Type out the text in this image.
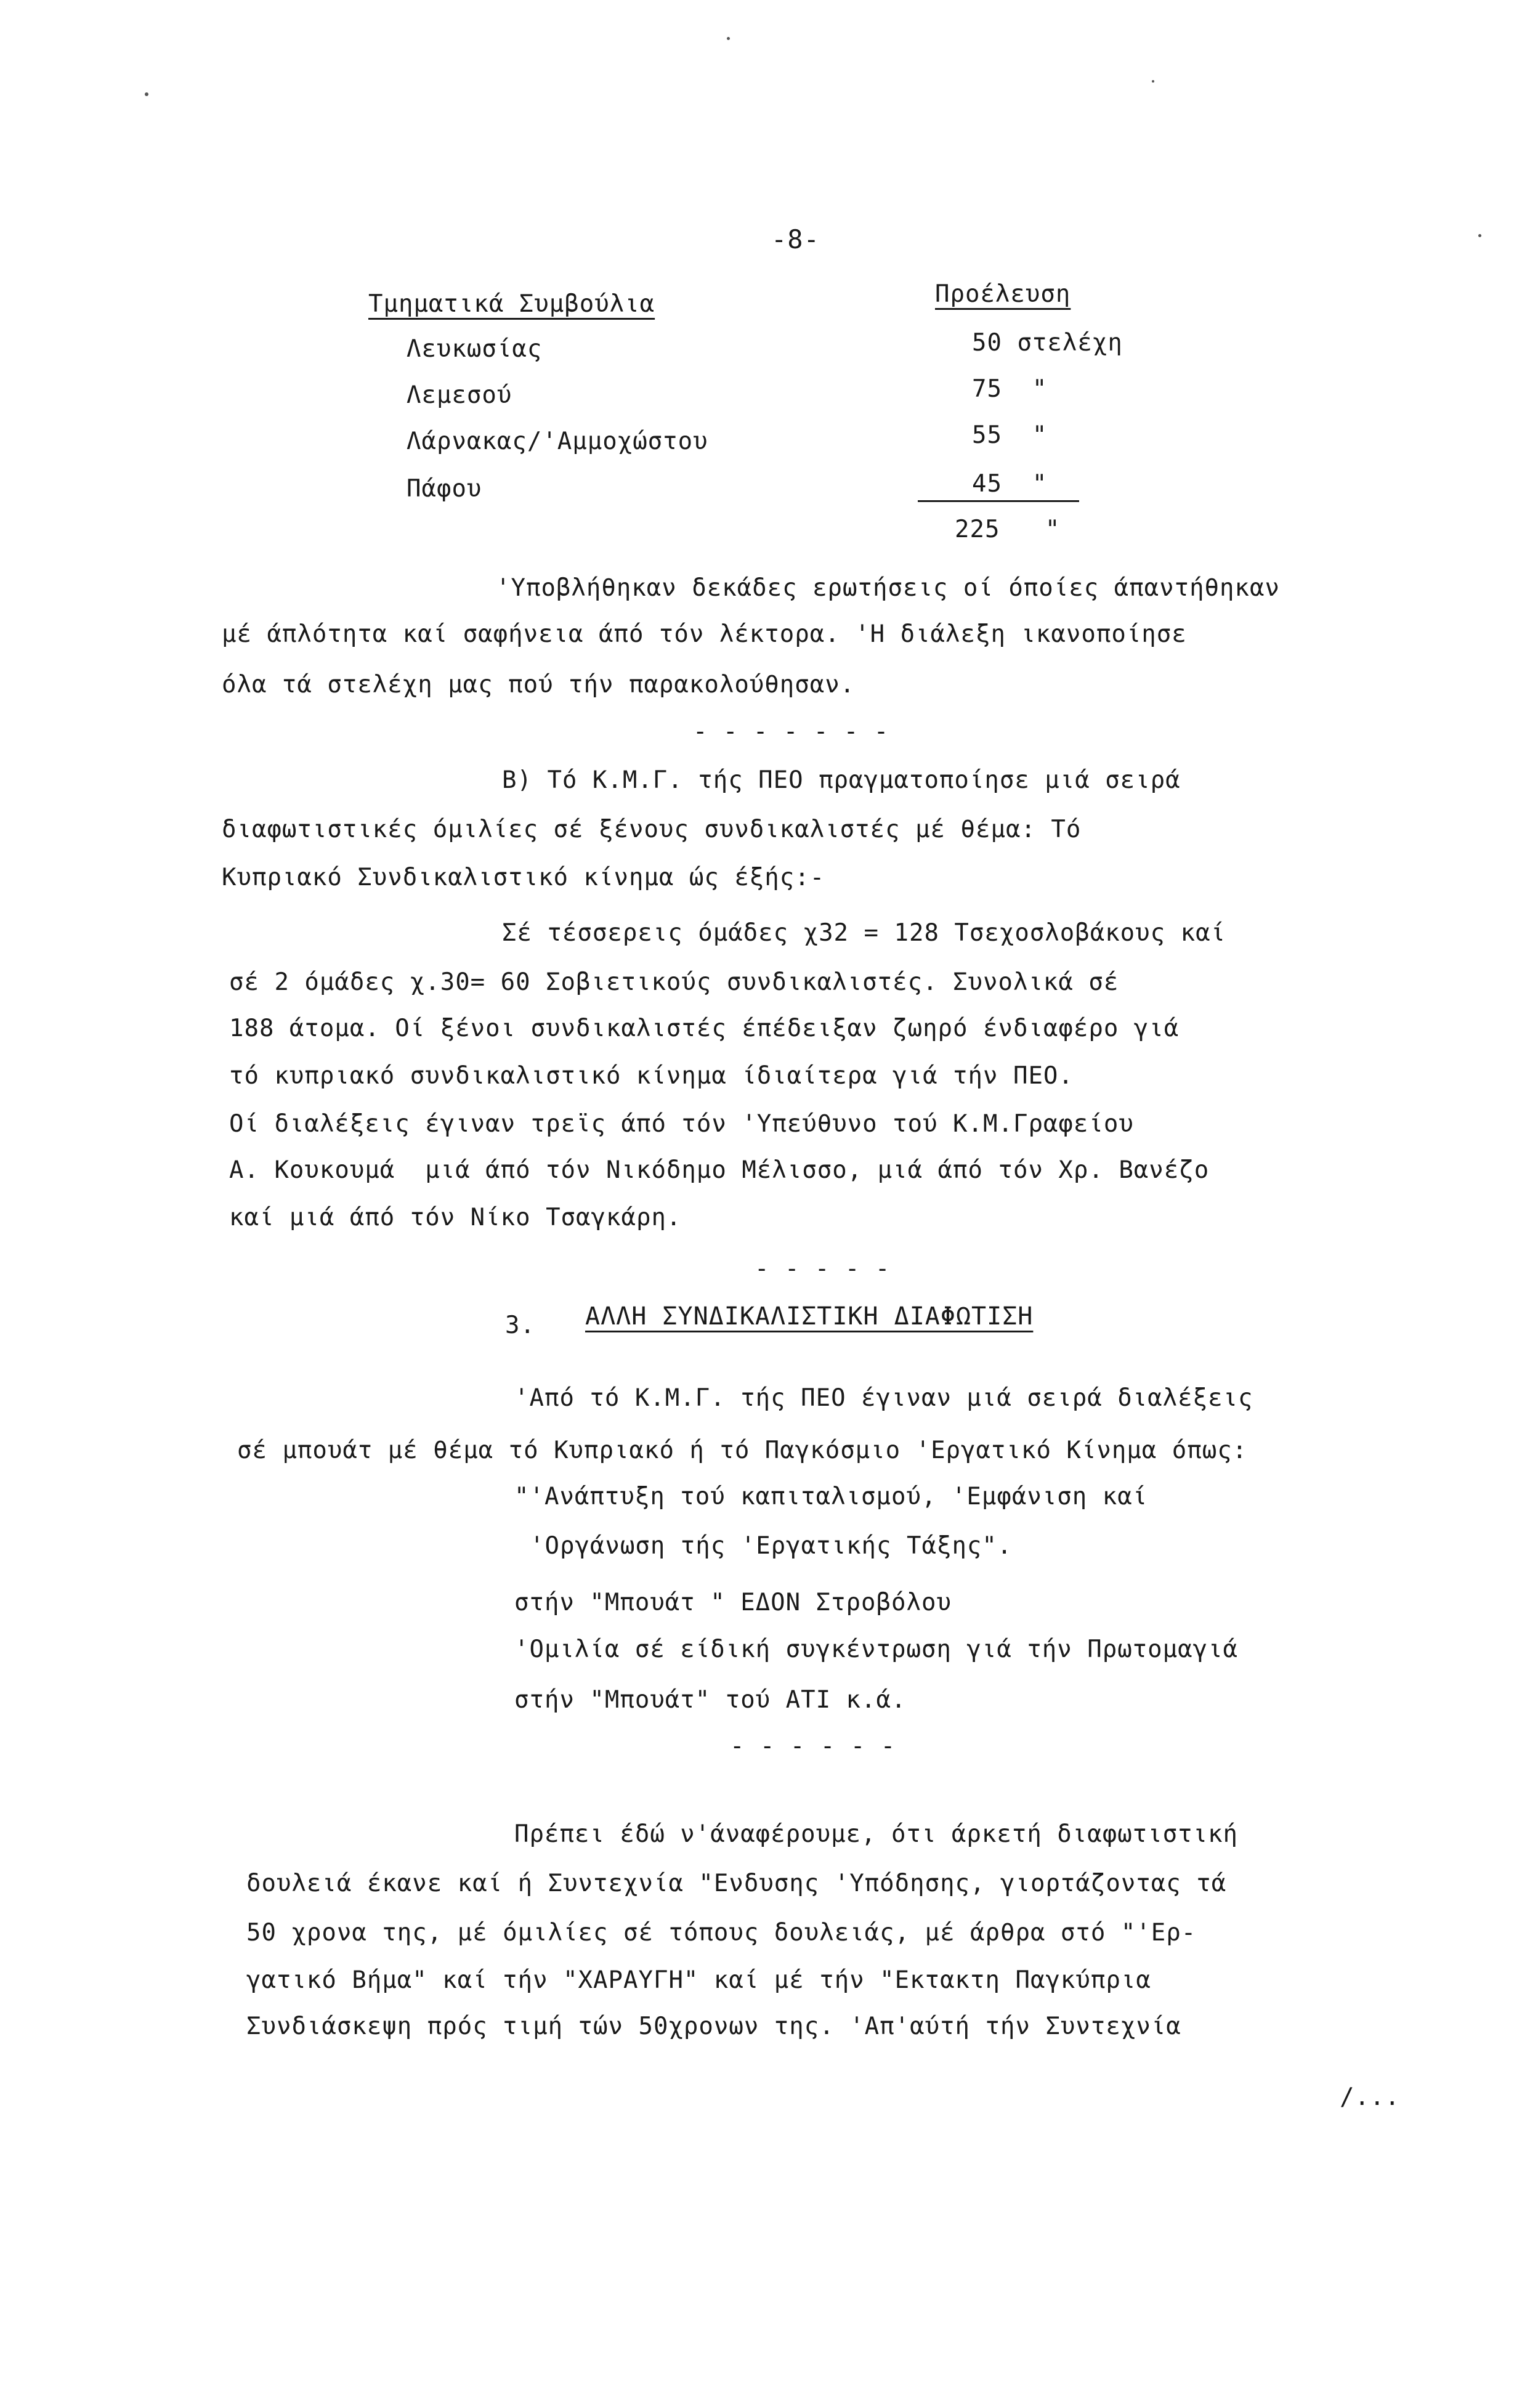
-8-
Τμηματικά Συμβούλια	Προέλευση
Λευκωσίας	50 στελέχη
Λεμεσού	75  "
Λάρνακας/'Αμμοχώστου	55  "
Πάφου	45  "
225   "
'Υποβλήθηκαν δεκάδες ερωτήσεις οί όποίες άπαντήθηκαν
μέ άπλότητα καί σαφήνεια άπό τόν λέκτορα. 'Η διάλεξη ικανοποίησε
όλα τά στελέχη μας πού τήν παρακολούθησαν.
- - - - - - -
Β) Τό Κ.Μ.Γ. τής ΠΕΟ πραγματοποίησε μιά σειρά
διαφωτιστικές όμιλίες σέ ξένους συνδικαλιστές μέ θέμα: Τό
Κυπριακό Συνδικαλιστικό κίνημα ώς έξής:-
Σέ τέσσερεις όμάδες χ32 = 128 Τσεχοσλοβάκους καί
σέ 2 όμάδες χ.30= 60 Σοβιετικούς συνδικαλιστές. Συνολικά σέ
188 άτομα. Οί ξένοι συνδικαλιστές έπέδειξαν ζωηρό ένδιαφέρο γιά
τό κυπριακό συνδικαλιστικό κίνημα ίδιαίτερα γιά τήν ΠΕΟ.
Οί διαλέξεις έγιναν τρεϊς άπό τόν 'Υπεύθυνο τού Κ.Μ.Γραφείου
Α. Κουκουμά  μιά άπό τόν Νικόδημο Μέλισσο, μιά άπό τόν Χρ. Βανέζο
καί μιά άπό τόν Νίκο Τσαγκάρη.
- - - - -
3. ΑΛΛΗ ΣΥΝΔΙΚΑΛΙΣΤΙΚΗ ΔΙΑΦΩΤΙΣΗ
'Από τό Κ.Μ.Γ. τής ΠΕΟ έγιναν μιά σειρά διαλέξεις
σέ μπουάτ μέ θέμα τό Κυπριακό ή τό Παγκόσμιο 'Εργατικό Κίνημα όπως:
"'Ανάπτυξη τού καπιταλισμού, 'Εμφάνιση καί
'Οργάνωση τής 'Εργατικής Τάξης".
στήν "Μπουάτ " ΕΔΟΝ Στροβόλου
'Ομιλία σέ είδική συγκέντρωση γιά τήν Πρωτομαγιά
στήν "Μπουάτ" τού ΑΤΙ κ.ά.
- - - - - -
Πρέπει έδώ ν'άναφέρουμε, ότι άρκετή διαφωτιστική
δουλειά έκανε καί ή Συντεχνία "Ενδυσης 'Υπόδησης, γιορτάζοντας τά
50 χρονα της, μέ όμιλίες σέ τόπους δουλειάς, μέ άρθρα στό "'Ερ-
γατικό Βήμα" καί τήν "ΧΑΡΑΥΓΗ" καί μέ τήν "Εκτακτη Παγκύπρια
Συνδιάσκεψη πρός τιμή τών 50χρονων της. 'Απ'αύτή τήν Συντεχνία
/...
